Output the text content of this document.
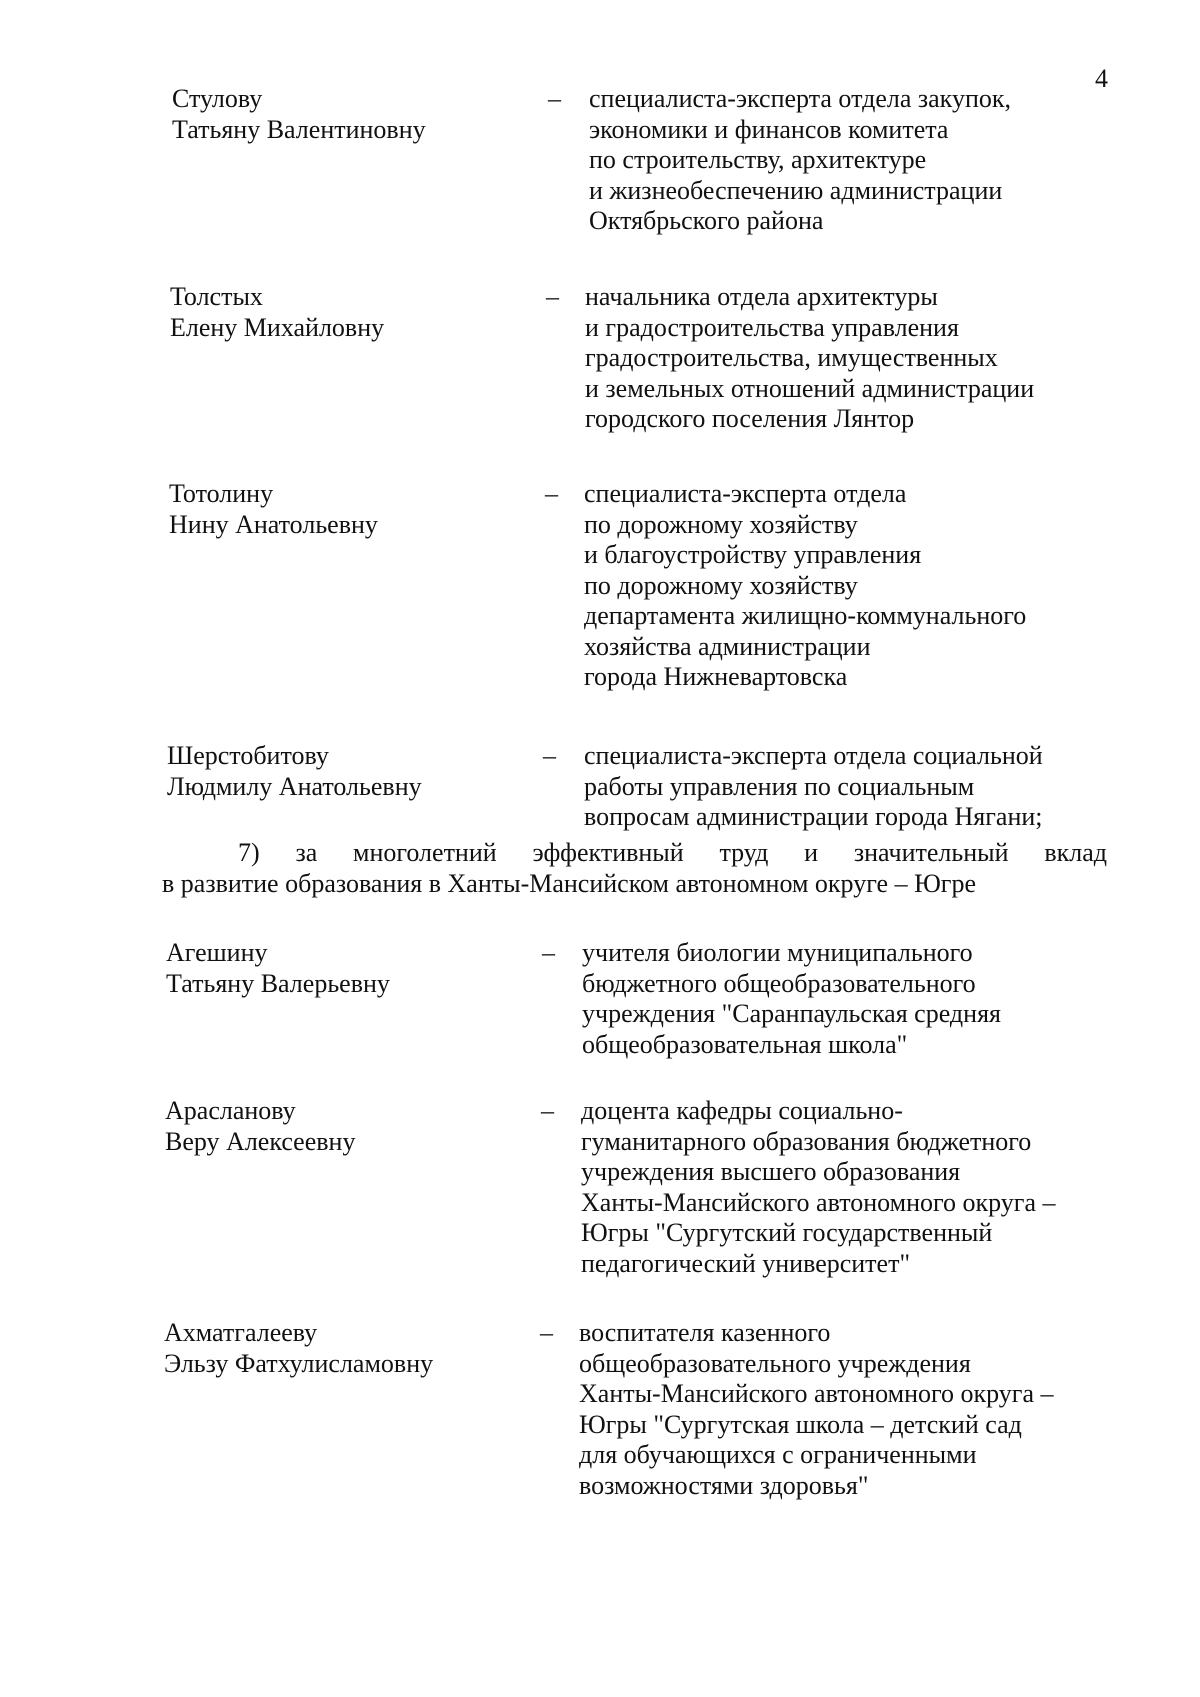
4
Стулову
Татьяну Валентиновну
– специалиста-эксперта отдела закупок,
экономики и финансов комитета
по строительству, архитектуре
и жизнеобеспечению администрации
Октябрьского района
Толстых
Елену Михайловну
– начальника отдела архитектуры
и градостроительства управления
градостроительства, имущественных
и земельных отношений администрации
городского поселения Лянтор
Тотолину
Нину Анатольевну
– специалиста-эксперта отдела
по дорожному хозяйству
и благоустройству управления
по дорожному хозяйству
департамента жилищно-коммунального
хозяйства администрации
города Нижневартовска
Шерстобитову
Людмилу Анатольевну
– специалиста-эксперта отдела социальной
работы управления по социальным
вопросам администрации города Нягани;
7) за многолетний эффективный труд и значительный вклад
в развитие образования в Ханты-Мансийском автономном округе – Югре
Агешину
Татьяну Валерьевну
– учителя биологии муниципального
бюджетного общеобразовательного
учреждения "Саранпаульская средняя
общеобразовательная школа"
Арасланову
Веру Алексеевну
– доцента кафедры социально-
гуманитарного образования бюджетного
учреждения высшего образования
Ханты-Мансийского автономного округа –
Югры "Сургутский государственный
педагогический университет"
Ахматгалееву
Эльзу Фатхулисламовну
– воспитателя казенного
общеобразовательного учреждения
Ханты-Мансийского автономного округа –
Югры "Сургутская школа – детский сад
для обучающихся с ограниченными
возможностями здоровья"
